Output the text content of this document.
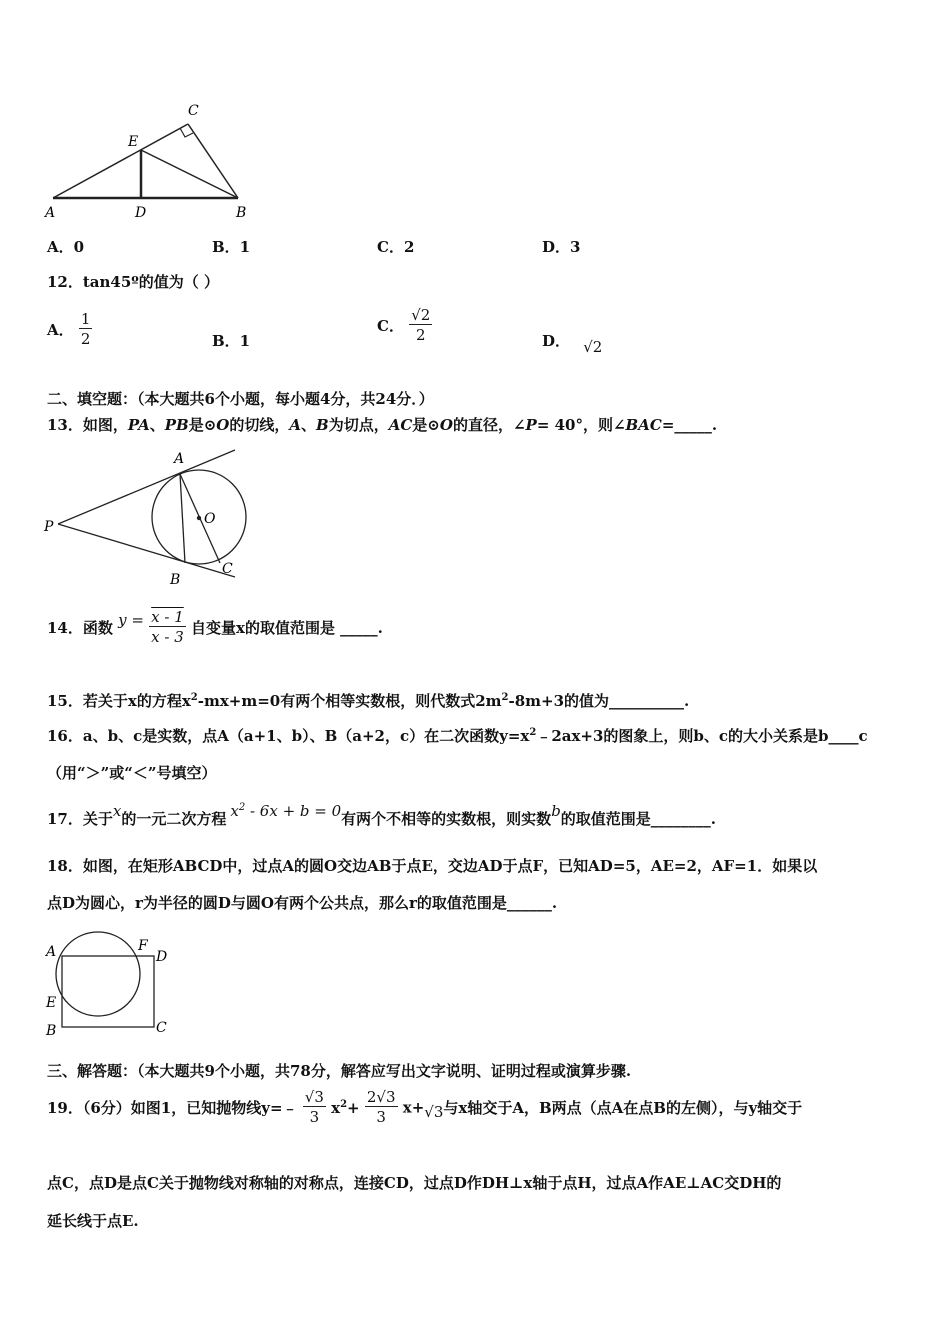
C
E
A	D	B
A．0	B．1	C．2	D．3
12．tan45º的值为（ ）
A． $\frac{1}{2}$	B．1
C． $\frac{√2}{2}$	D． √2
二、填空题：（本大题共6个小题，每小题4分，共24分．）
13．如图，PA、PB是⊙O的切线，A、B为切点，AC是⊙O的直径，∠P= 40°，则∠BAC=_____.
A
O
P
B
C
14．函数 $y = \frac{x - 1}{x - 3}$ 自变量x的取值范围是 _____.
15．若关于x的方程$x^2-mx+m=0$有两个相等实数根，则代数式$2m^2-8m+3$的值为__________.
16．a、b、c是实数，点A（a+1、b）、B（a+2，c）在二次函数$y=x^2﹣2ax+3$的图象上，则b、c的大小关系是b____c
（用“＞”或“＜”号填空）
17．关于x的一元二次方程 $x^2 - 6x + b = 0$有两个不相等的实数根，则实数b的取值范围是________.
18．如图，在矩形ABCD中，过点A的圆O交边AB于点E，交边AD于点F，已知AD=5，AE=2，AF=1．如果以
点D为圆心，r为半径的圆D与圆O有两个公共点，那么r的取值范围是______.
A	F
D
E
B	C
三、解答题：（本大题共9个小题，共78分，解答应写出文字说明、证明过程或演算步骤.
19．（6分）如图1，已知抛物线y=﹣ $\frac{√3}{3} x^2+ \frac{2√3}{3} x+√3$与x轴交于A，B两点（点A在点B的左侧），与y轴交于
点C，点D是点C关于抛物线对称轴的对称点，连接CD，过点D作DH⊥x轴于点H，过点A作AE⊥AC交DH的
延长线于点E.
